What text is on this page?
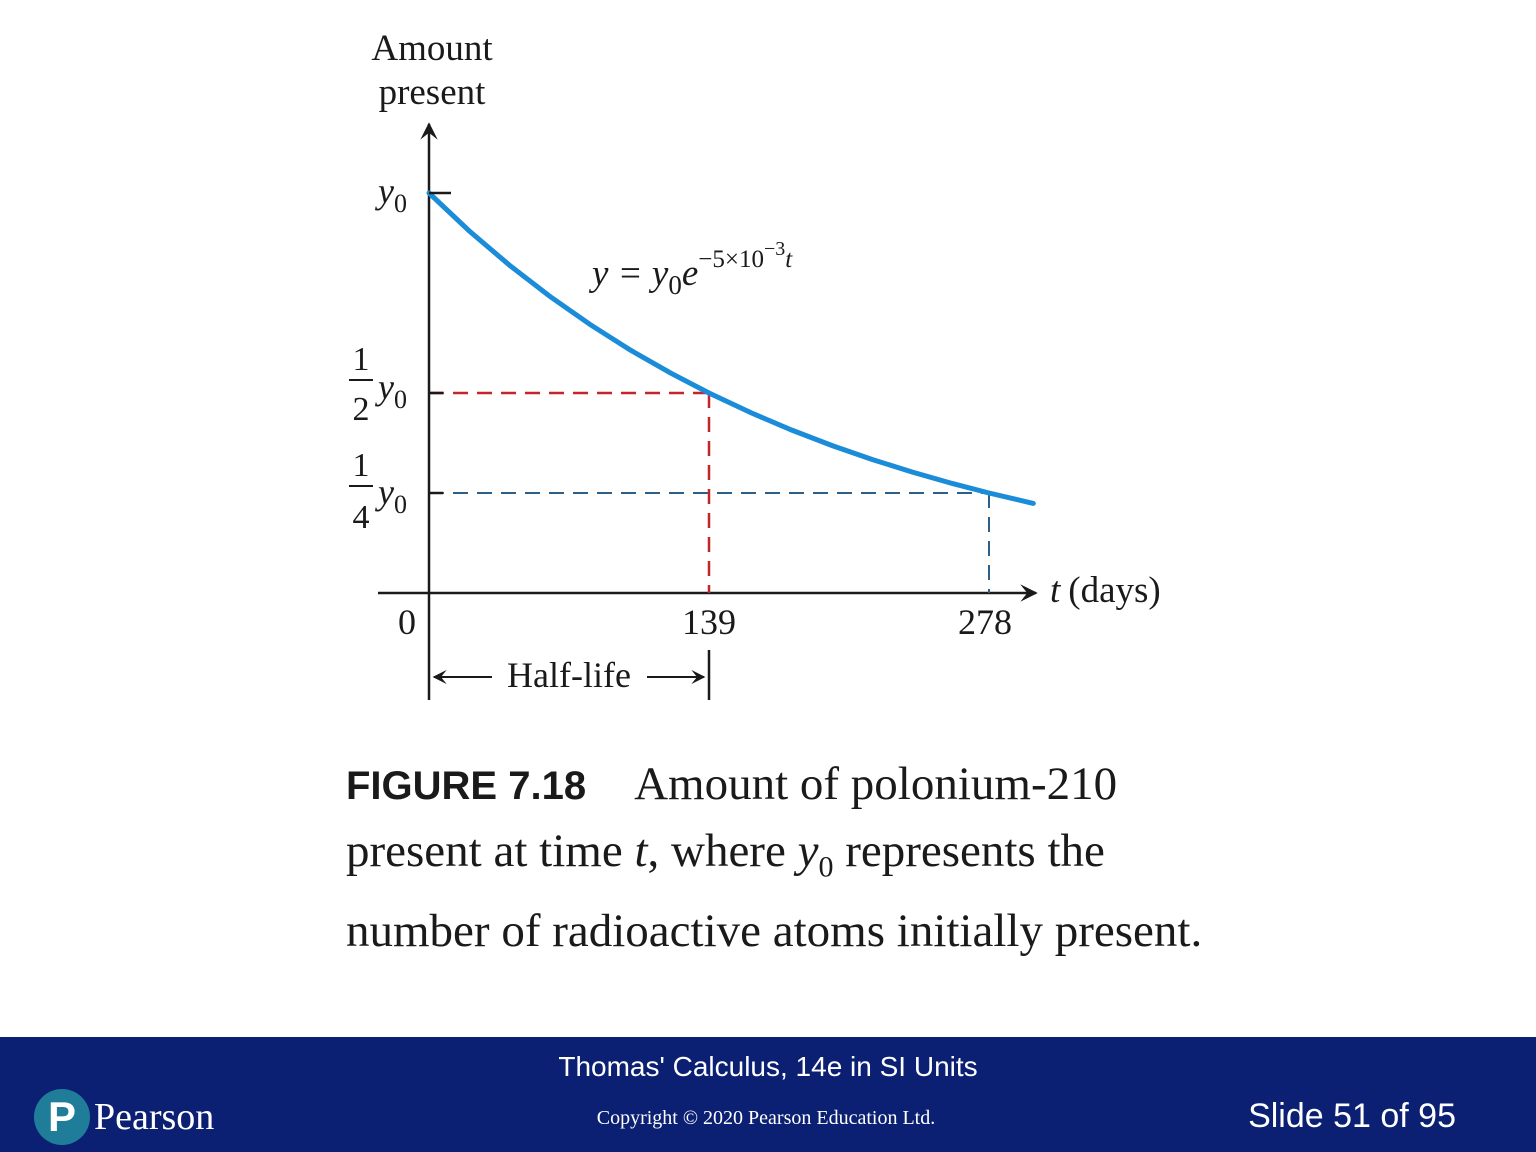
Amount
present
t (days)
$y_0$
1
2
$y_0$
1
4
$y_0$
0	139	278
$y = y_0e^{-5\times 10-3}_t$
Half-life
FIGURE 7.18 Amount of polonium-210 present at time t, where $y_0$ represents the number of radioactive atoms initially present.
Thomas' Calculus, 14e in SI Units
Copyright © 2020 Pearson Education Ltd.	Slide 51 of 95
P Pearson
